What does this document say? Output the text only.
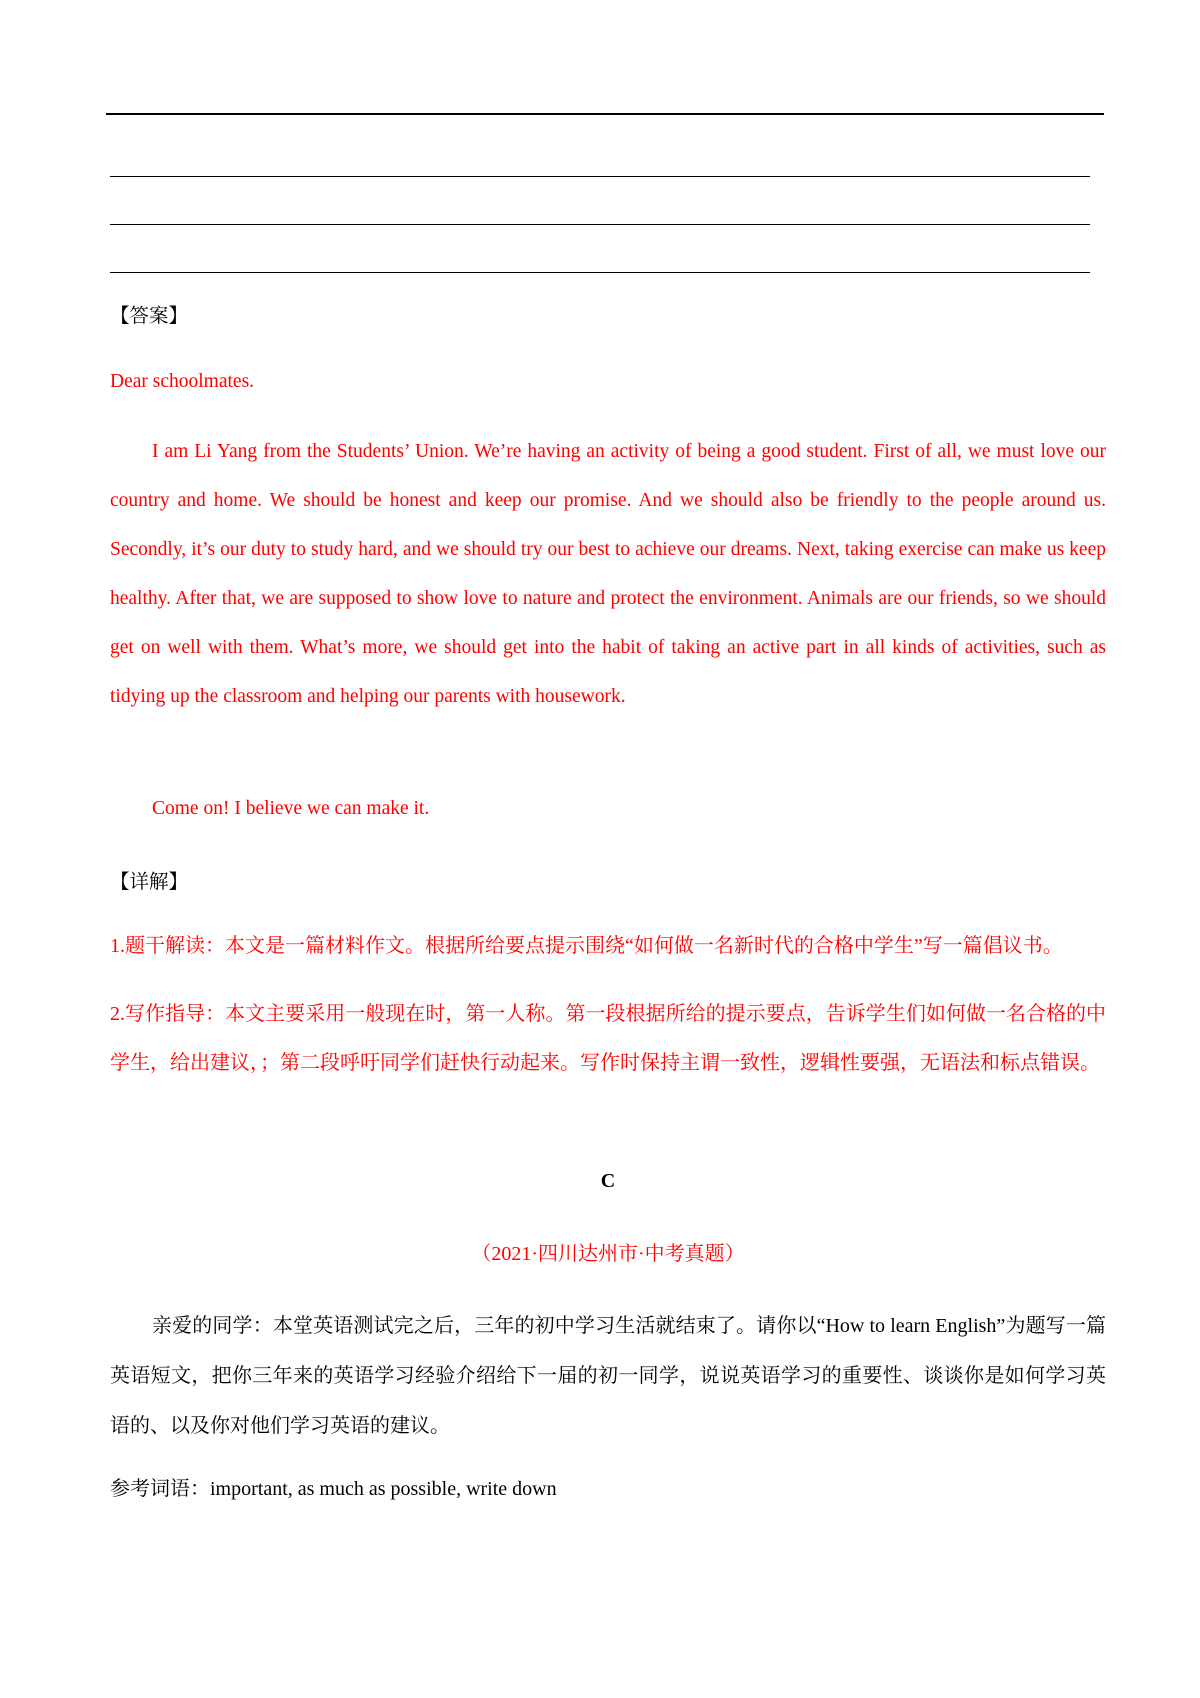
【答案】

Dear schoolmates.

I am Li Yang from the Students’ Union. We’re having an activity of being a good student. First of all, we must love our country and home. We should be honest and keep our promise. And we should also be friendly to the people around us. Secondly, it’s our duty to study hard, and we should try our best to achieve our dreams. Next, taking exercise can make us keep healthy. After that, we are supposed to show love to nature and protect the environment. Animals are our friends, so we should get on well with them. What’s more, we should get into the habit of taking an active part in all kinds of activities, such as tidying up the classroom and helping our parents with housework.

Come on! I believe we can make it.

【详解】

1.题干解读：本文是一篇材料作文。根据所给要点提示围绕“如何做一名新时代的合格中学生”写一篇倡议书。

2.写作指导：本文主要采用一般现在时，第一人称。第一段根据所给的提示要点，告诉学生们如何做一名合格的中学生，给出建议，；第二段呼吁同学们赶快行动起来。写作时保持主谓一致性，逻辑性要强，无语法和标点错误。

C

（2021·四川达州市·中考真题）

亲爱的同学：本堂英语测试完之后，三年的初中学习生活就结束了。请你以“How to learn English”为题写一篇英语短文，把你三年来的英语学习经验介绍给下一届的初一同学，说说英语学习的重要性、谈谈你是如何学习英语的、以及你对他们学习英语的建议。

参考词语：important, as much as possible, write down
